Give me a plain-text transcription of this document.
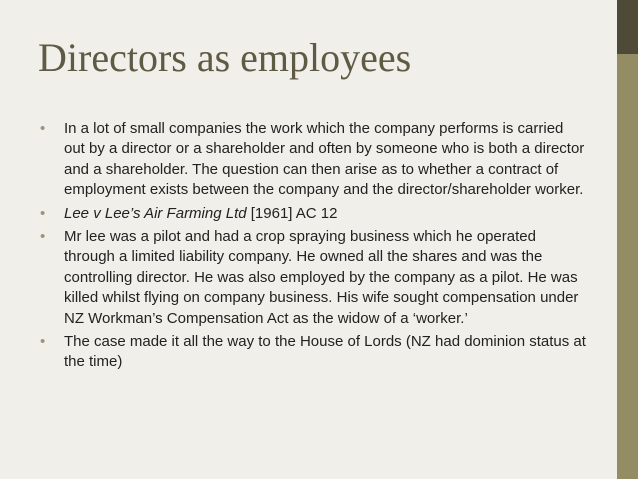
Directors as employees
• In a lot of small companies the work which the company performs is carried out by a director or a shareholder and often by someone who is both a director and a shareholder. The question can then arise as to whether a contract of employment exists between the company and the director/shareholder worker.
• Lee v Lee’s Air Farming Ltd [1961] AC 12
• Mr lee was a pilot and had a crop spraying business which he operated through a limited liability company. He owned all the shares and was the controlling director. He was also employed by the company as a pilot. He was killed whilst flying on company business. His wife sought compensation under NZ Workman’s Compensation Act as the widow of a ‘worker.’
• The case made it all the way to the House of Lords (NZ had dominion status at the time)
